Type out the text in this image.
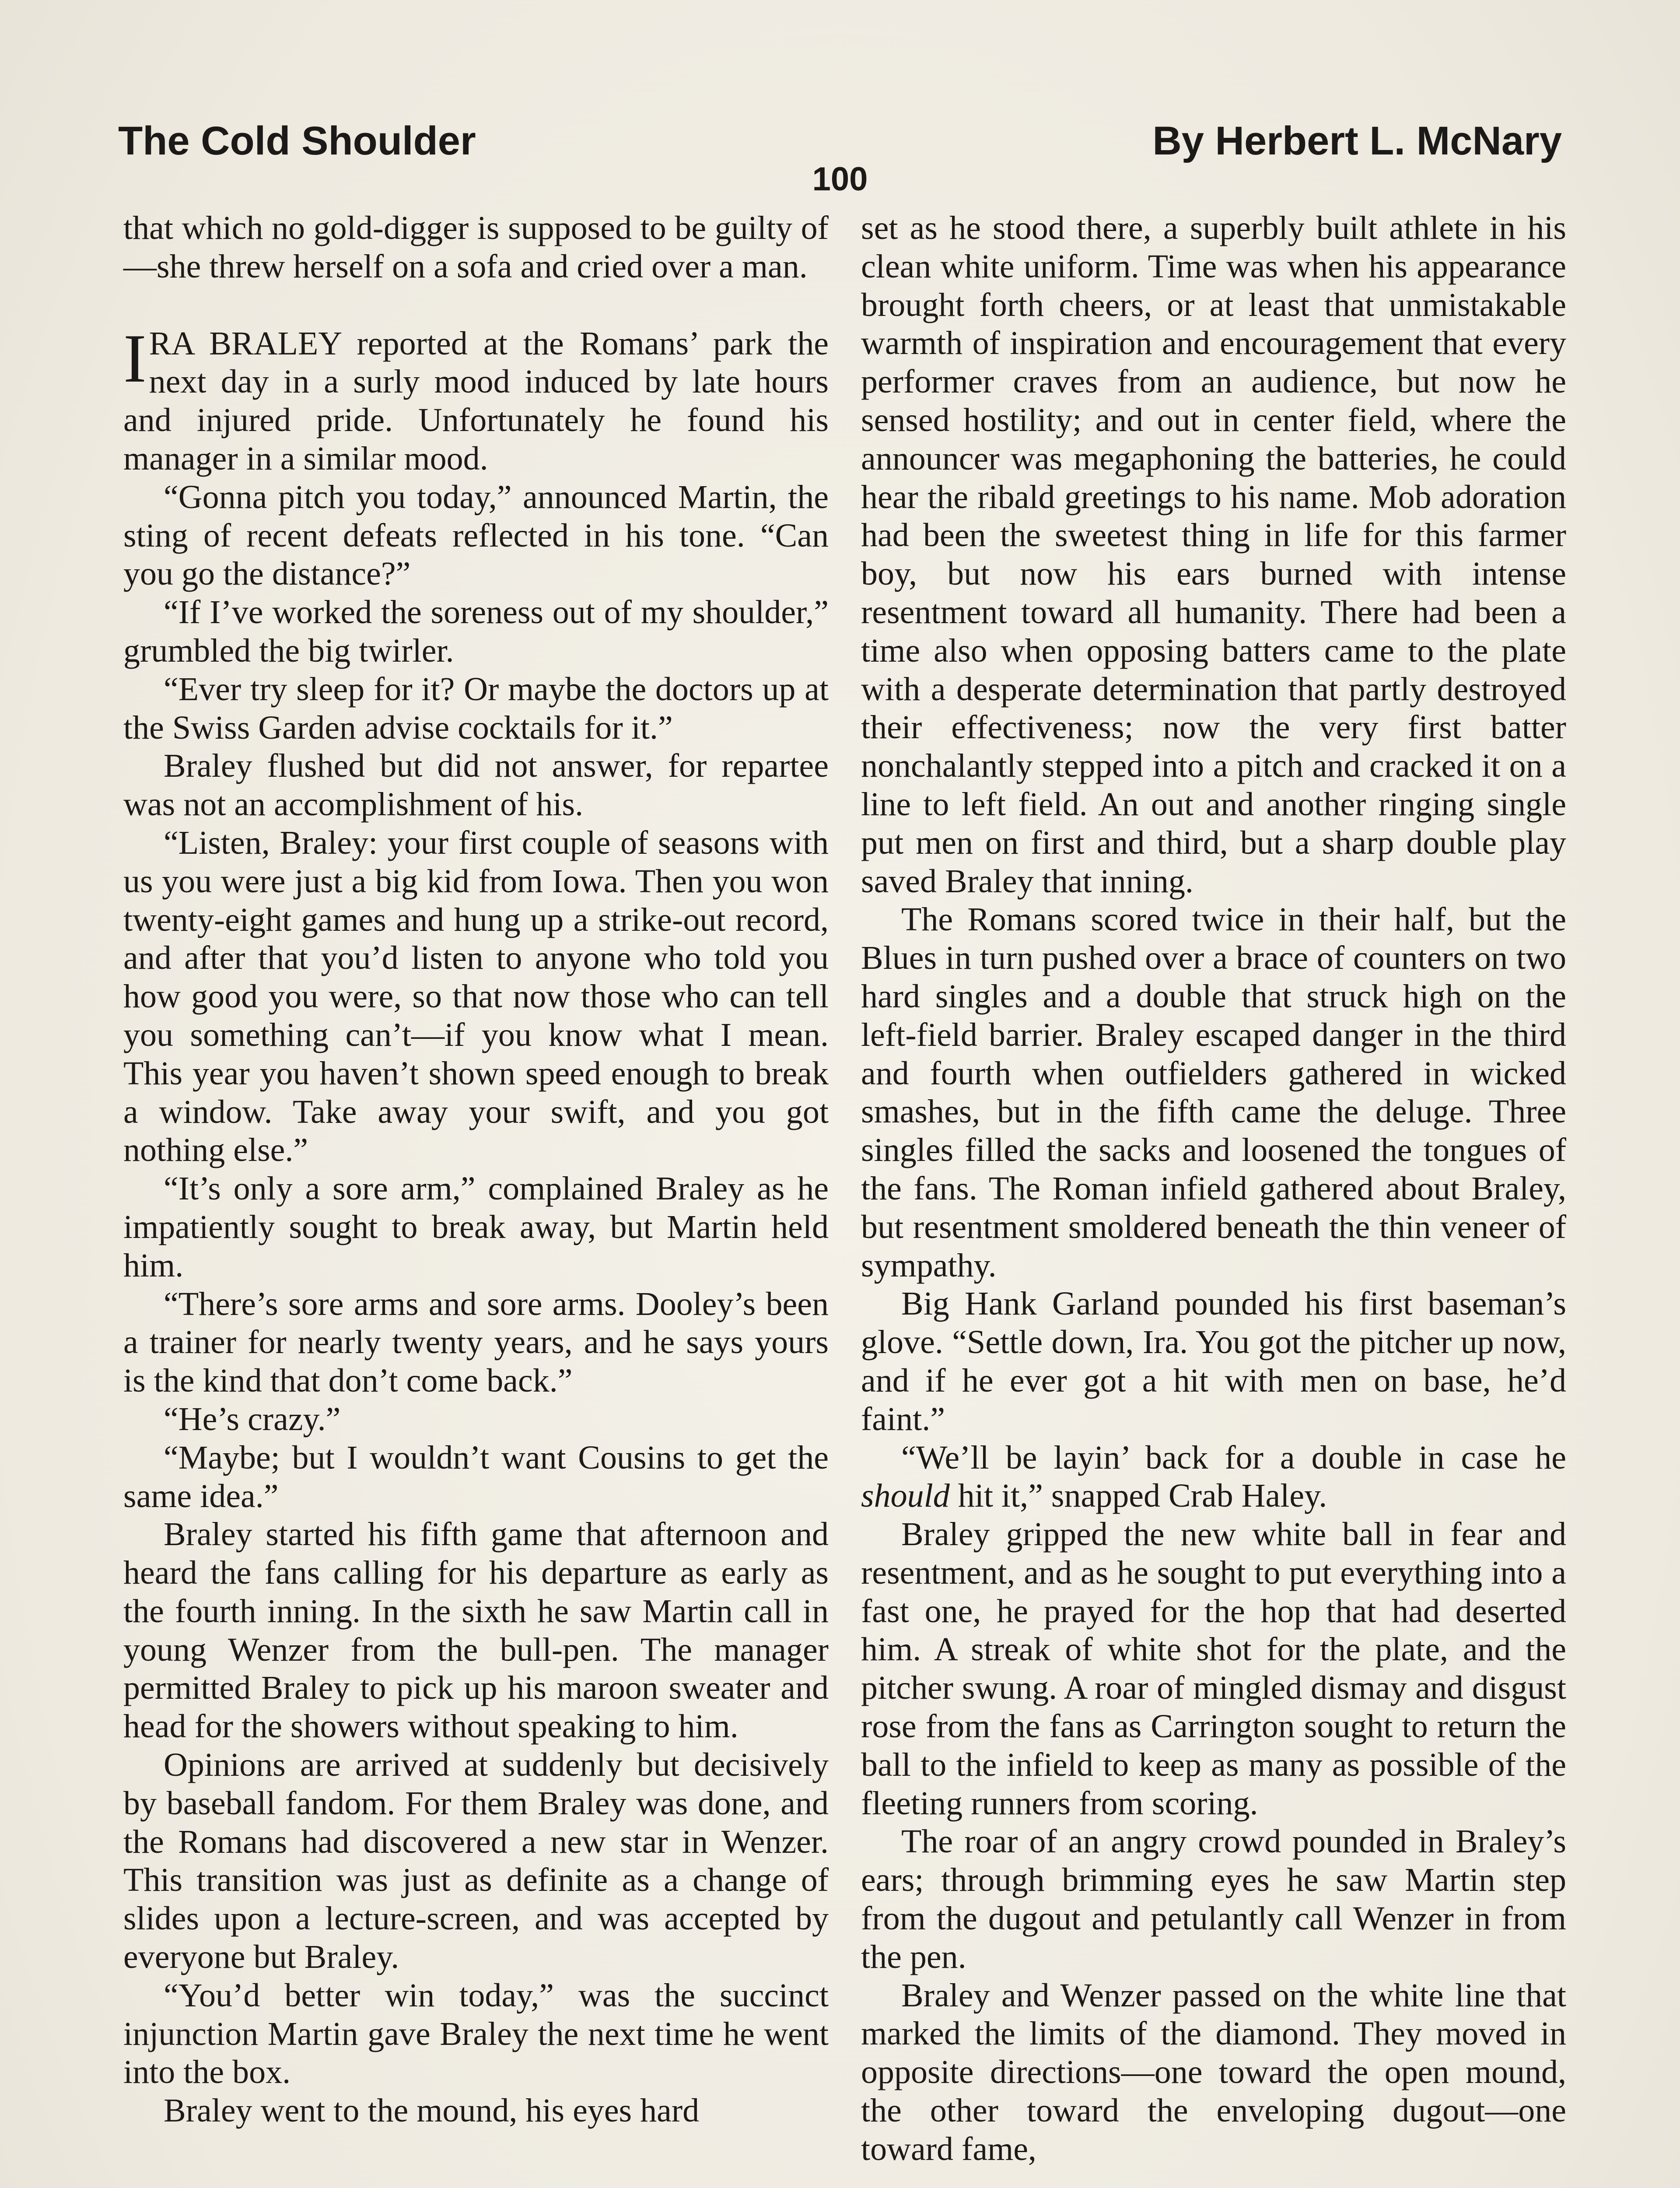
The Cold Shoulder	By Herbert L. McNary
100

that which no gold-digger is supposed to be guilty of—she threw herself on a sofa and cried over a man.

IRA BRALEY reported at the Romans’ park the next day in a surly mood induced by late hours and injured pride. Unfortunately he found his manager in a similar mood.

“Gonna pitch you today,” announced Martin, the sting of recent defeats reflected in his tone. “Can you go the distance?”

“If I’ve worked the soreness out of my shoulder,” grumbled the big twirler.

“Ever try sleep for it? Or maybe the doctors up at the Swiss Garden advise cocktails for it.”

Braley flushed but did not answer, for repartee was not an accomplishment of his.

“Listen, Braley: your first couple of seasons with us you were just a big kid from Iowa. Then you won twenty-eight games and hung up a strike-out record, and after that you’d listen to anyone who told you how good you were, so that now those who can tell you something can’t—if you know what I mean. This year you haven’t shown speed enough to break a window. Take away your swift, and you got nothing else.”

“It’s only a sore arm,” complained Braley as he impatiently sought to break away, but Martin held him.

“There’s sore arms and sore arms. Dooley’s been a trainer for nearly twenty years, and he says yours is the kind that don’t come back.”

“He’s crazy.”

“Maybe; but I wouldn’t want Cousins to get the same idea.”

Braley started his fifth game that afternoon and heard the fans calling for his departure as early as the fourth inning. In the sixth he saw Martin call in young Wenzer from the bull-pen. The manager permitted Braley to pick up his maroon sweater and head for the showers without speaking to him.

Opinions are arrived at suddenly but decisively by baseball fandom. For them Braley was done, and the Romans had discovered a new star in Wenzer. This transition was just as definite as a change of slides upon a lecture-screen, and was accepted by everyone but Braley.

“You’d better win today,” was the succinct injunction Martin gave Braley the next time he went into the box.

Braley went to the mound, his eyes hard

set as he stood there, a superbly built athlete in his clean white uniform. Time was when his appearance brought forth cheers, or at least that unmistakable warmth of inspiration and encouragement that every performer craves from an audience, but now he sensed hostility; and out in center field, where the announcer was megaphoning the batteries, he could hear the ribald greetings to his name. Mob adoration had been the sweetest thing in life for this farmer boy, but now his ears burned with intense resentment toward all humanity. There had been a time also when opposing batters came to the plate with a desperate determination that partly destroyed their effectiveness; now the very first batter nonchalantly stepped into a pitch and cracked it on a line to left field. An out and another ringing single put men on first and third, but a sharp double play saved Braley that inning.

The Romans scored twice in their half, but the Blues in turn pushed over a brace of counters on two hard singles and a double that struck high on the left-field barrier. Braley escaped danger in the third and fourth when outfielders gathered in wicked smashes, but in the fifth came the deluge. Three singles filled the sacks and loosened the tongues of the fans. The Roman infield gathered about Braley, but resentment smoldered beneath the thin veneer of sympathy.

Big Hank Garland pounded his first baseman’s glove. “Settle down, Ira. You got the pitcher up now, and if he ever got a hit with men on base, he’d faint.”

“We’ll be layin’ back for a double in case he should hit it,” snapped Crab Haley.

Braley gripped the new white ball in fear and resentment, and as he sought to put everything into a fast one, he prayed for the hop that had deserted him. A streak of white shot for the plate, and the pitcher swung. A roar of mingled dismay and disgust rose from the fans as Carrington sought to return the ball to the infield to keep as many as possible of the fleeting runners from scoring.

The roar of an angry crowd pounded in Braley’s ears; through brimming eyes he saw Martin step from the dugout and petulantly call Wenzer in from the pen.

Braley and Wenzer passed on the white line that marked the limits of the diamond. They moved in opposite directions—one toward the open mound, the other toward the enveloping dugout—one toward fame,
